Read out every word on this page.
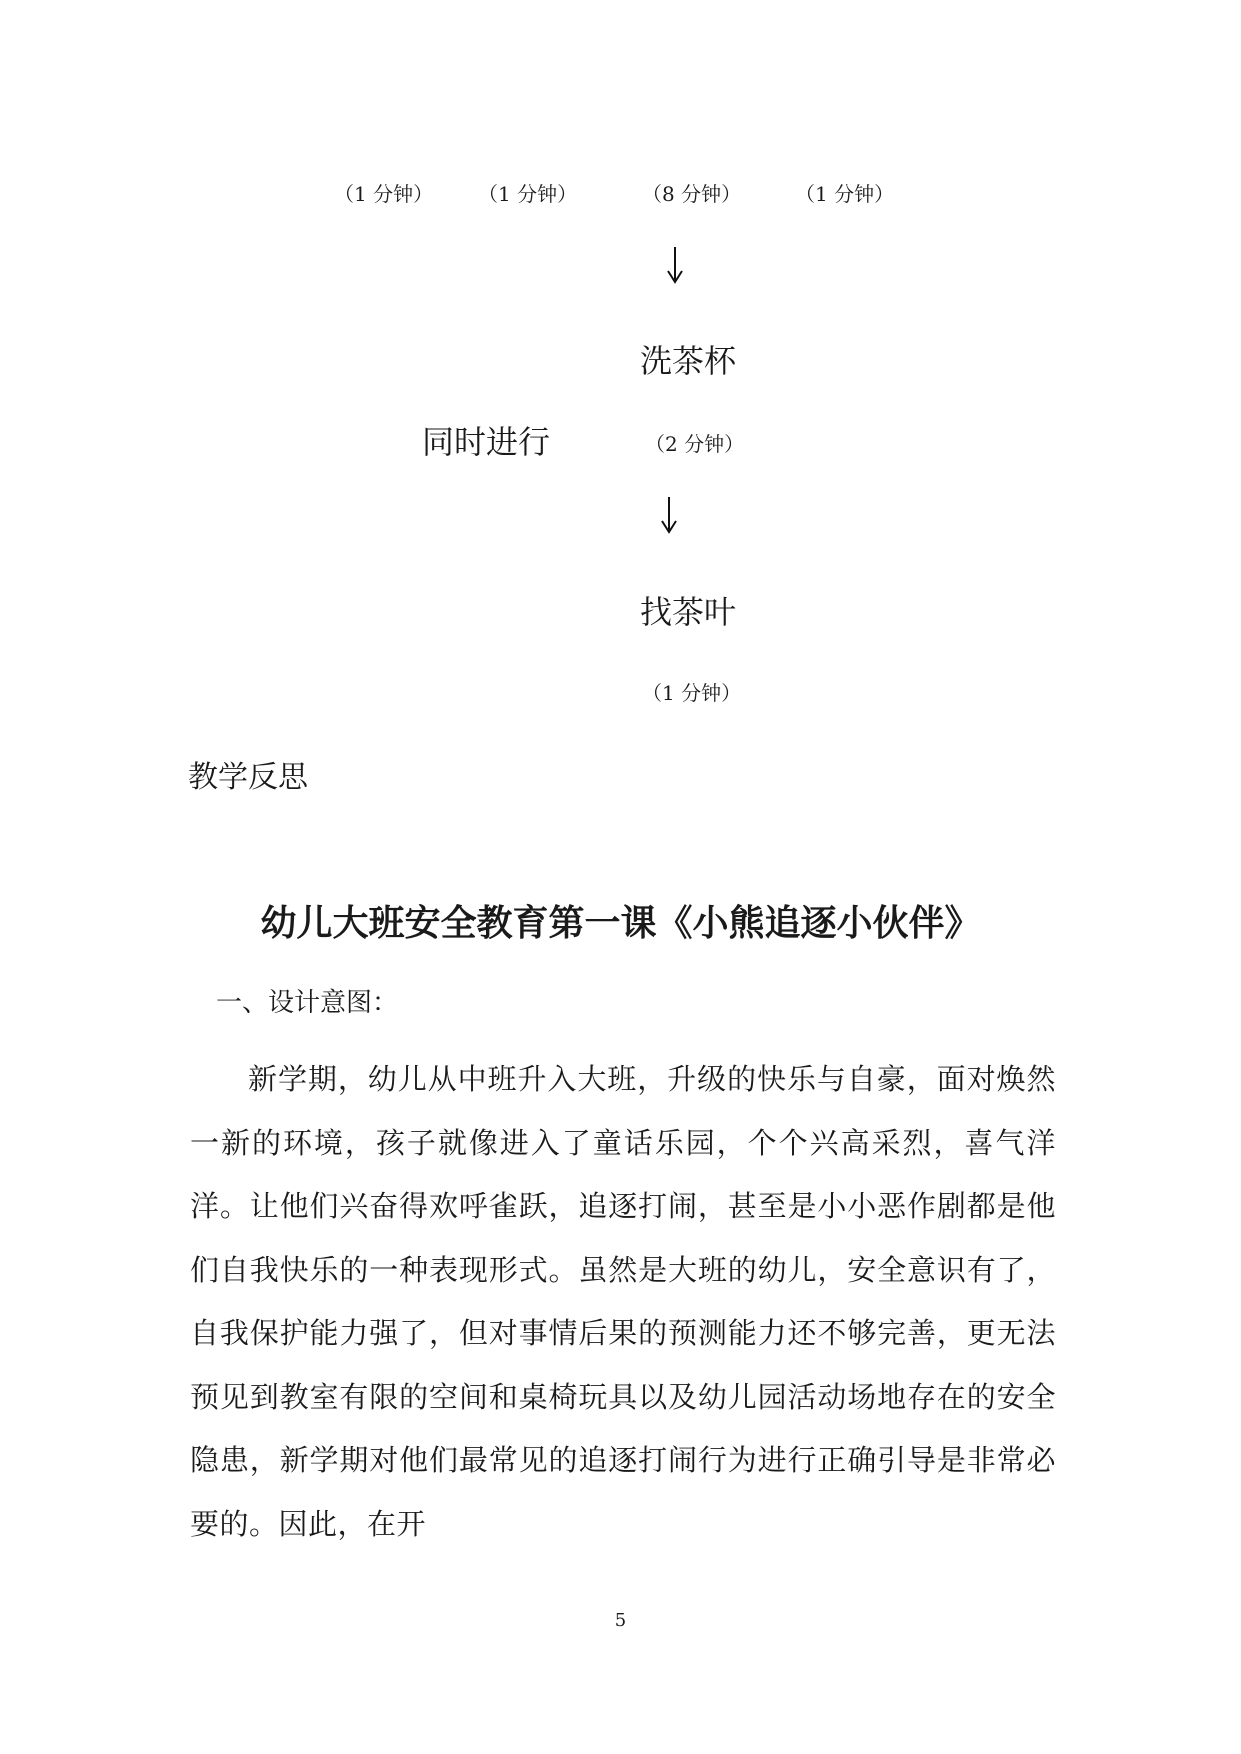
（1 分钟） （1 分钟）	（8 分钟）	（1 分钟）
洗茶杯
同时进行	（2 分钟）
找茶叶
（1 分钟）
教学反思
幼儿大班安全教育第一课《小熊追逐小伙伴》
一、设计意图：

新学期，幼儿从中班升入大班，升级的快乐与自豪，面对焕然一新的环境，孩子就像进入了童话乐园，个个兴高采烈，喜气洋洋。让他们兴奋得欢呼雀跃，追逐打闹，甚至是小小恶作剧都是他们自我快乐的一种表现形式。虽然是大班的幼儿，安全意识有了，自我保护能力强了，但对事情后果的预测能力还不够完善，更无法预见到教室有限的空间和桌椅玩具以及幼儿园活动场地存在的安全隐患，新学期对他们最常见的追逐打闹行为进行正确引导是非常必要的。因此，在开

5
